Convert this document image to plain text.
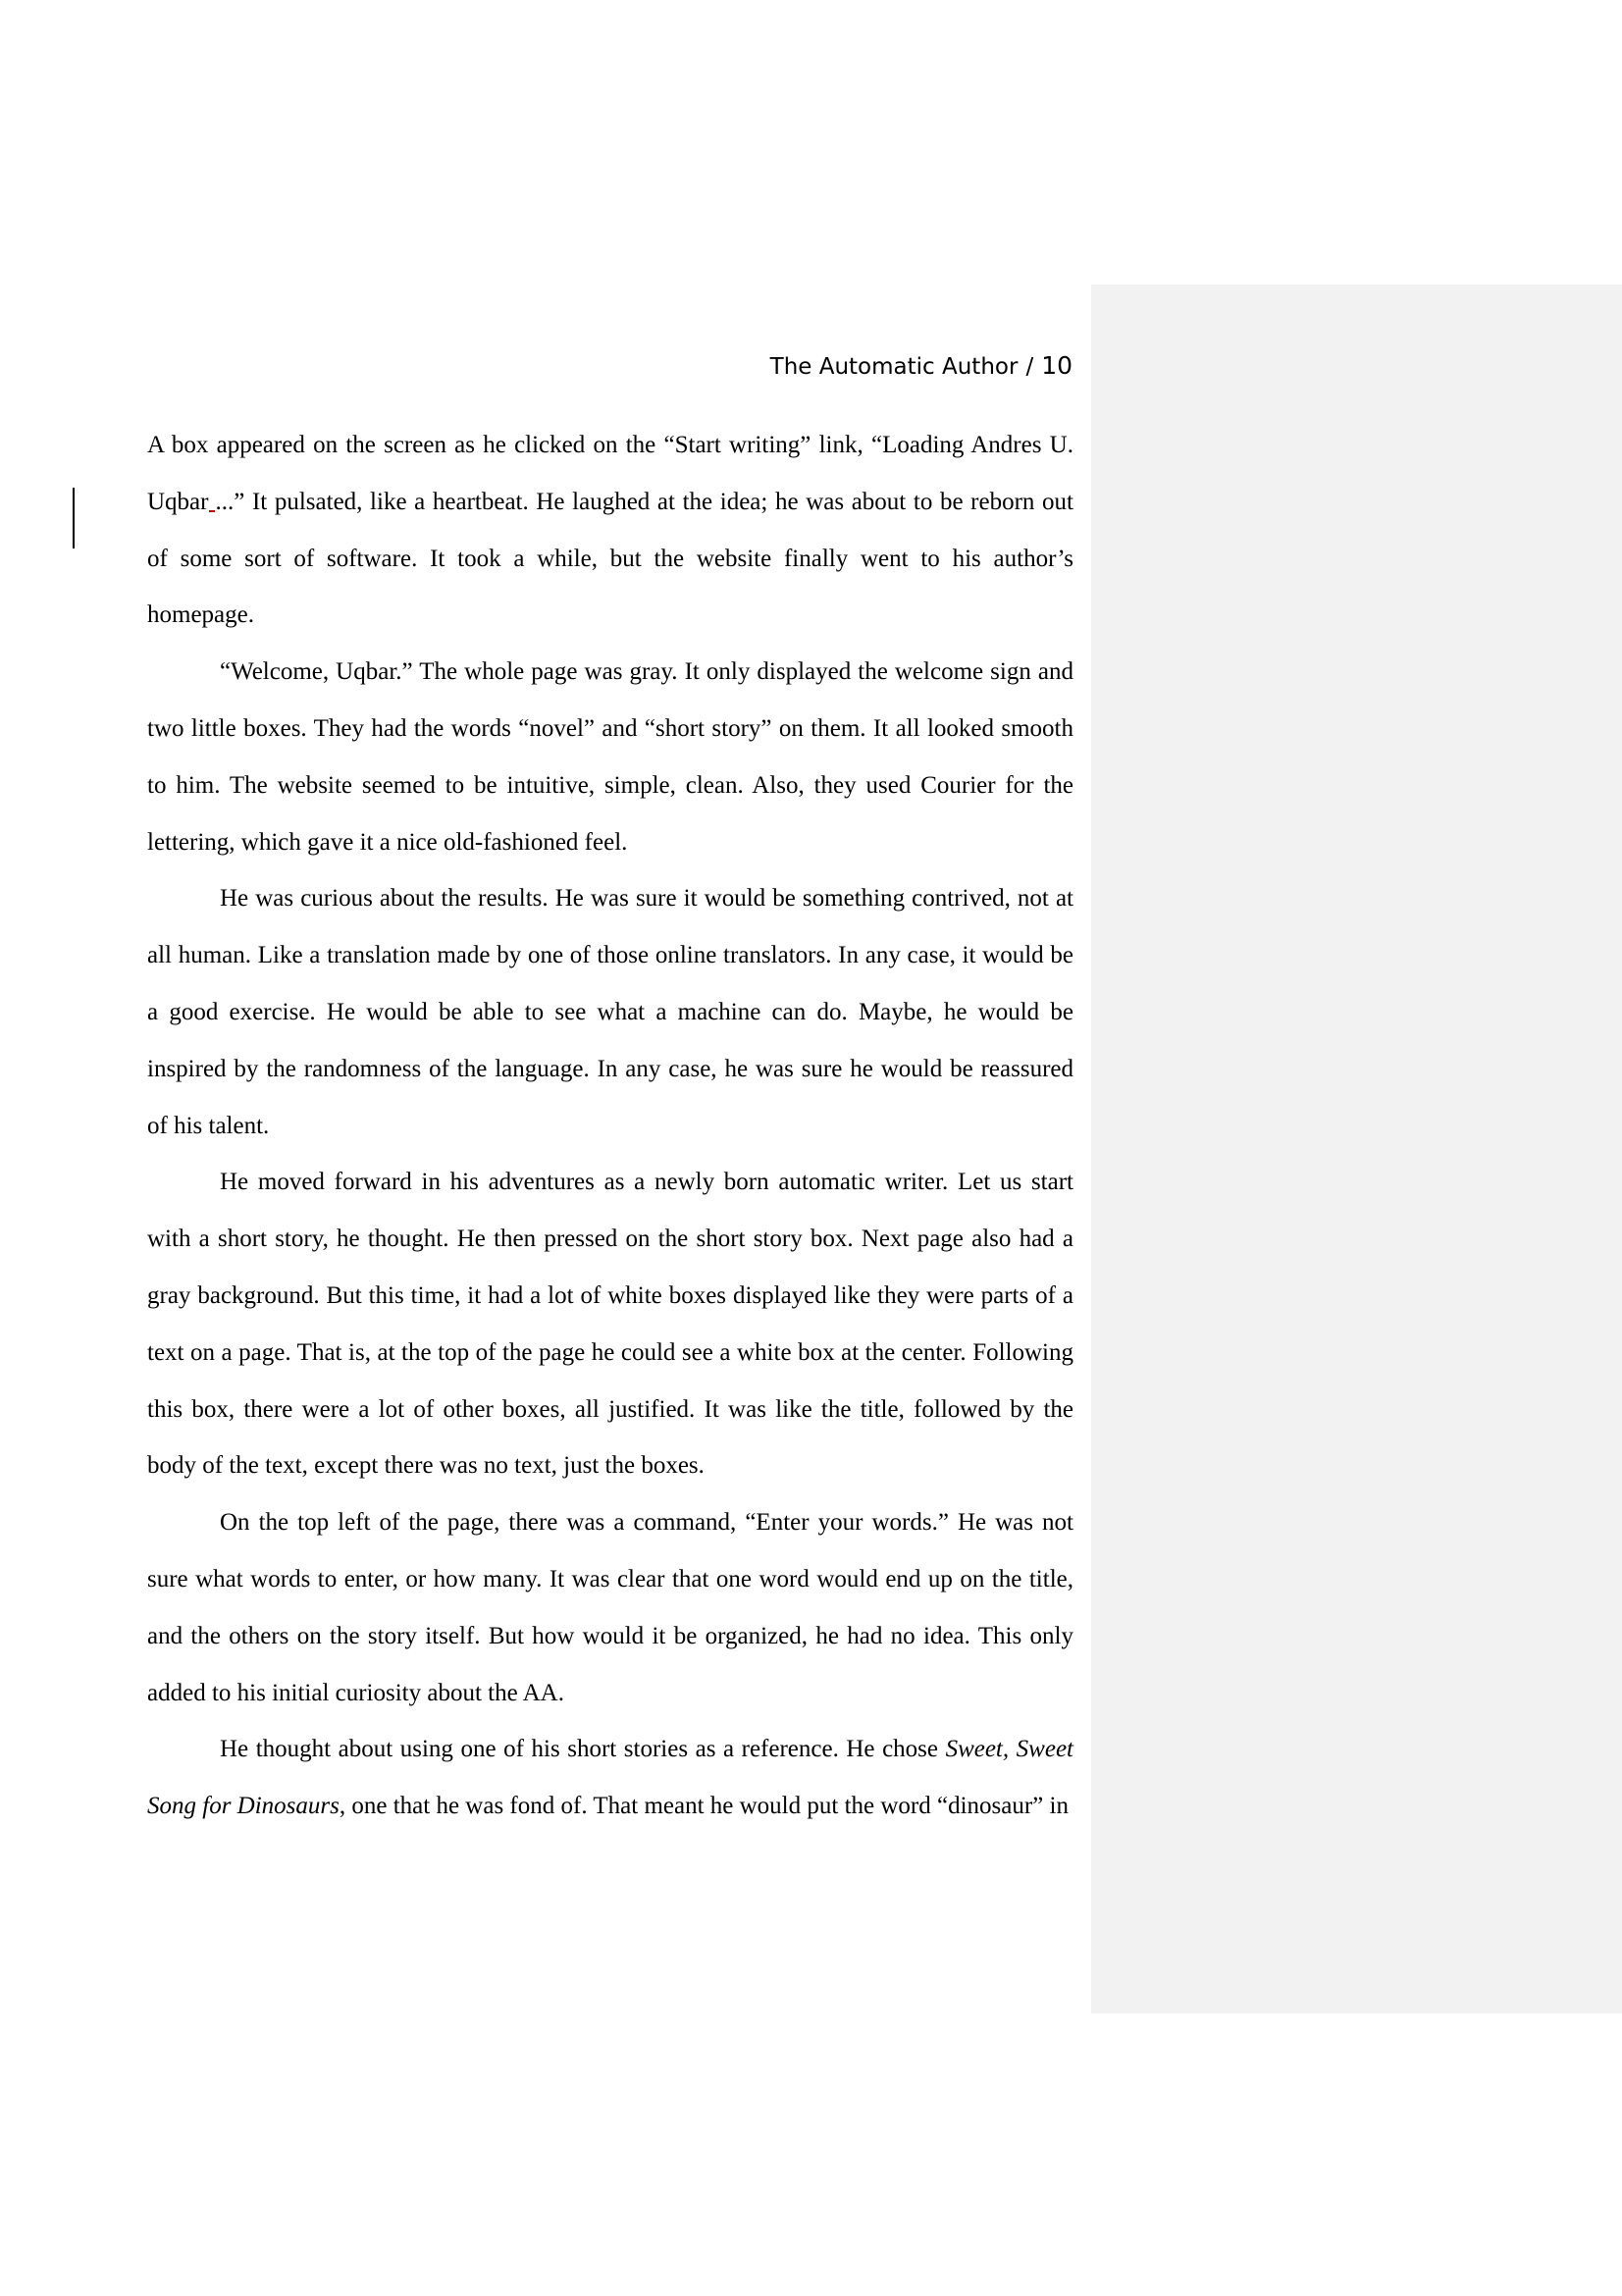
The Automatic Author / 10

A box appeared on the screen as he clicked on the “Start writing” link, “Loading Andres U. Uqbar ...” It pulsated, like a heartbeat. He laughed at the idea; he was about to be reborn out of some sort of software. It took a while, but the website finally went to his author’s homepage.

“Welcome, Uqbar.” The whole page was gray. It only displayed the welcome sign and two little boxes. They had the words “novel” and “short story” on them. It all looked smooth to him. The website seemed to be intuitive, simple, clean. Also, they used Courier for the lettering, which gave it a nice old-fashioned feel.

He was curious about the results. He was sure it would be something contrived, not at all human. Like a translation made by one of those online translators. In any case, it would be a good exercise. He would be able to see what a machine can do. Maybe, he would be inspired by the randomness of the language. In any case, he was sure he would be reassured of his talent.

He moved forward in his adventures as a newly born automatic writer. Let us start with a short story, he thought. He then pressed on the short story box. Next page also had a gray background. But this time, it had a lot of white boxes displayed like they were parts of a text on a page. That is, at the top of the page he could see a white box at the center. Following this box, there were a lot of other boxes, all justified. It was like the title, followed by the body of the text, except there was no text, just the boxes.

On the top left of the page, there was a command, “Enter your words.” He was not sure what words to enter, or how many. It was clear that one word would end up on the title, and the others on the story itself. But how would it be organized, he had no idea. This only added to his initial curiosity about the AA.

He thought about using one of his short stories as a reference. He chose Sweet, Sweet Song for Dinosaurs, one that he was fond of. That meant he would put the word “dinosaur” in
